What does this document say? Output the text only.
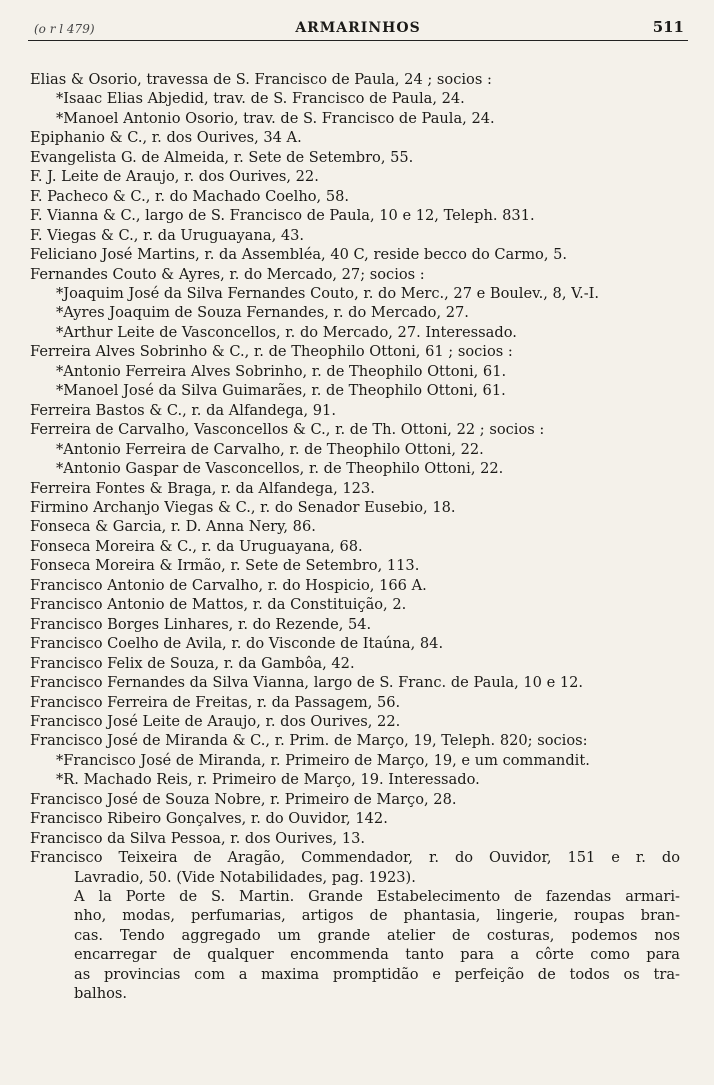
(o r l 479)	ARMARINHOS	511
Elias & Osorio, travessa de S. Francisco de Paula, 24 ; socios :
*Isaac Elias Abjedid, trav. de S. Francisco de Paula, 24.
*Manoel Antonio Osorio, trav. de S. Francisco de Paula, 24.
Epiphanio & C., r. dos Ourives, 34 A.
Evangelista G. de Almeida, r. Sete de Setembro, 55.
F. J. Leite de Araujo, r. dos Ourives, 22.
F. Pacheco & C., r. do Machado Coelho, 58.
F. Vianna & C., largo de S. Francisco de Paula, 10 e 12, Teleph. 831.
F. Viegas & C., r. da Uruguayana, 43.
Feliciano José Martins, r. da Assembléa, 40 C, reside becco do Carmo, 5.
Fernandes Couto & Ayres, r. do Mercado, 27; socios :
*Joaquim José da Silva Fernandes Couto, r. do Merc., 27 e Boulev., 8, V.-I.
*Ayres Joaquim de Souza Fernandes, r. do Mercado, 27.
*Arthur Leite de Vasconcellos, r. do Mercado, 27. Interessado.
Ferreira Alves Sobrinho & C., r. de Theophilo Ottoni, 61 ; socios :
*Antonio Ferreira Alves Sobrinho, r. de Theophilo Ottoni, 61.
*Manoel José da Silva Guimarães, r. de Theophilo Ottoni, 61.
Ferreira Bastos & C., r. da Alfandega, 91.
Ferreira de Carvalho, Vasconcellos & C., r. de Th. Ottoni, 22 ; socios :
*Antonio Ferreira de Carvalho, r. de Theophilo Ottoni, 22.
*Antonio Gaspar de Vasconcellos, r. de Theophilo Ottoni, 22.
Ferreira Fontes & Braga, r. da Alfandega, 123.
Firmino Archanjo Viegas & C., r. do Senador Eusebio, 18.
Fonseca & Garcia, r. D. Anna Nery, 86.
Fonseca Moreira & C., r. da Uruguayana, 68.
Fonseca Moreira & Irmão, r. Sete de Setembro, 113.
Francisco Antonio de Carvalho, r. do Hospicio, 166 A.
Francisco Antonio de Mattos, r. da Constituição, 2.
Francisco Borges Linhares, r. do Rezende, 54.
Francisco Coelho de Avila, r. do Visconde de Itaúna, 84.
Francisco Felix de Souza, r. da Gambôa, 42.
Francisco Fernandes da Silva Vianna, largo de S. Franc. de Paula, 10 e 12.
Francisco Ferreira de Freitas, r. da Passagem, 56.
Francisco José Leite de Araujo, r. dos Ourives, 22.
Francisco José de Miranda & C., r. Prim. de Março, 19, Teleph. 820; socios:
*Francisco José de Miranda, r. Primeiro de Março, 19, e um commandit.
*R. Machado Reis, r. Primeiro de Março, 19. Interessado.
Francisco José de Souza Nobre, r. Primeiro de Março, 28.
Francisco Ribeiro Gonçalves, r. do Ouvidor, 142.
Francisco da Silva Pessoa, r. dos Ourives, 13.
Francisco Teixeira de Aragão, Commendador, r. do Ouvidor, 151 e r. do
Lavradio, 50. (Vide Notabilidades, pag. 1923).
A la Porte de S. Martin. Grande Estabelecimento de fazendas armari-
nho, modas, perfumarias, artigos de phantasia, lingerie, roupas bran-
cas. Tendo aggregado um grande atelier de costuras, podemos nos
encarregar de qualquer encommenda tanto para a côrte como para
as provincias com a maxima promptidão e perfeição de todos os tra-
balhos.
